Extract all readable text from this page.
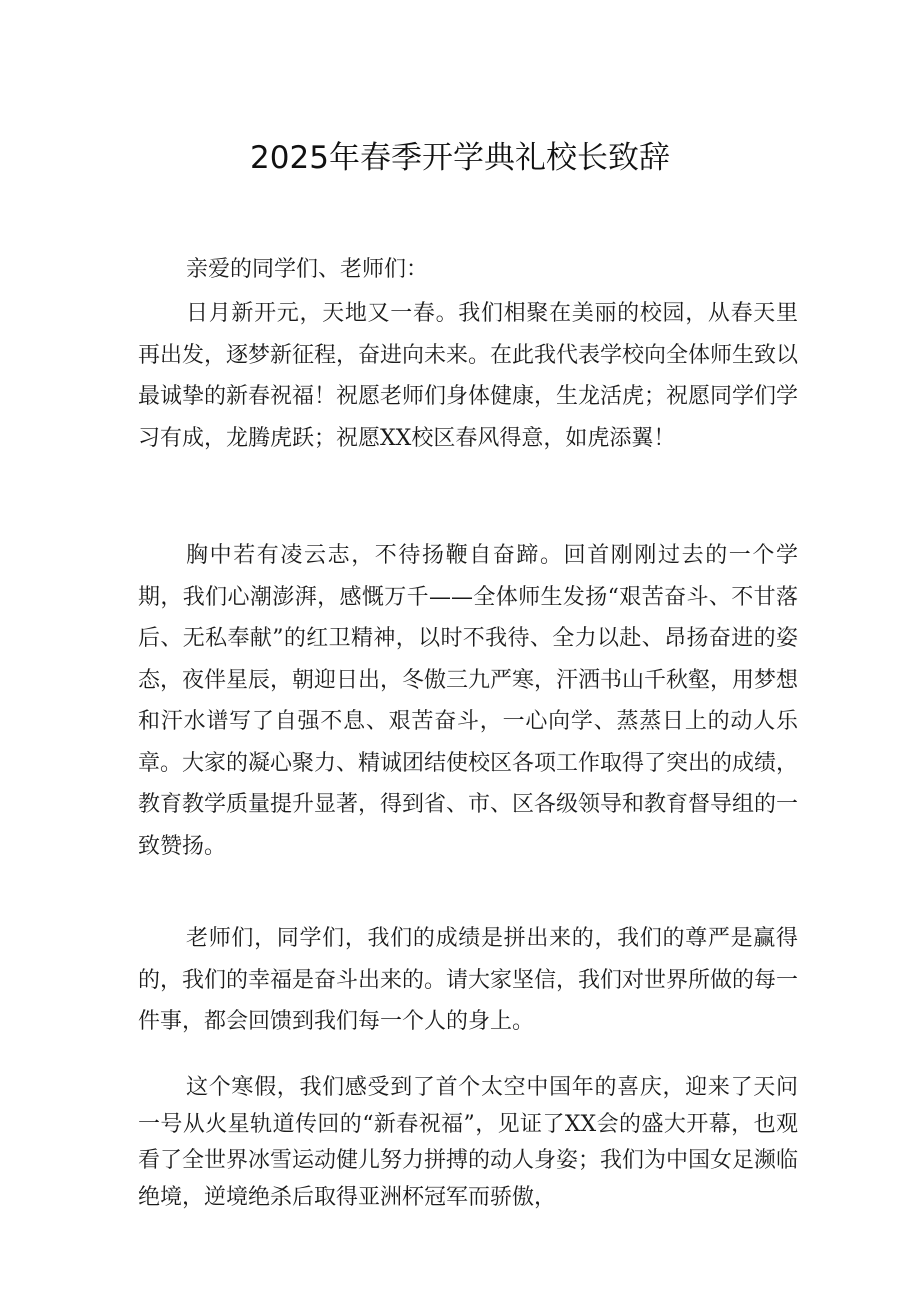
2025年春季开学典礼校长致辞

亲爱的同学们、老师们：

日月新开元，天地又一春。我们相聚在美丽的校园，从春天里再出发，逐梦新征程，奋进向未来。在此我代表学校向全体师生致以最诚挚的新春祝福！祝愿老师们身体健康，生龙活虎；祝愿同学们学习有成，龙腾虎跃；祝愿XX校区春风得意，如虎添翼！

胸中若有凌云志，不待扬鞭自奋蹄。回首刚刚过去的一个学期，我们心潮澎湃，感慨万千——全体师生发扬“艰苦奋斗、不甘落后、无私奉献”的红卫精神，以时不我待、全力以赴、昂扬奋进的姿态，夜伴星辰，朝迎日出，冬傲三九严寒，汗洒书山千秋壑，用梦想和汗水谱写了自强不息、艰苦奋斗，一心向学、蒸蒸日上的动人乐章。大家的凝心聚力、精诚团结使校区各项工作取得了突出的成绩，教育教学质量提升显著，得到省、市、区各级领导和教育督导组的一致赞扬。

老师们，同学们，我们的成绩是拼出来的，我们的尊严是赢得的，我们的幸福是奋斗出来的。请大家坚信，我们对世界所做的每一件事，都会回馈到我们每一个人的身上。

这个寒假，我们感受到了首个太空中国年的喜庆，迎来了天问一号从火星轨道传回的“新春祝福”，见证了XX会的盛大开幕，也观看了全世界冰雪运动健儿努力拼搏的动人身姿；我们为中国女足濒临绝境，逆境绝杀后取得亚洲杯冠军而骄傲，
